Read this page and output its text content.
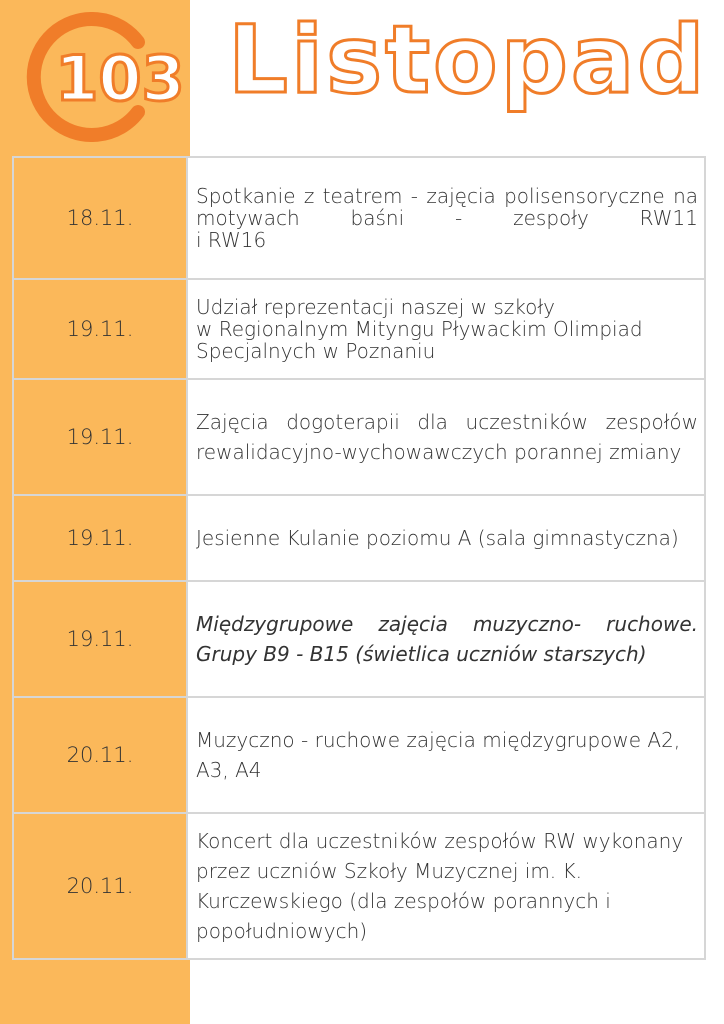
103 Listopad
18.11.	Spotkanie z teatrem - zajęcia polisensoryczne na motywach baśni - zespoły RW11
i RW16

19.11.	Udział reprezentacji naszej w szkoły
w Regionalnym Mityngu Pływackim Olimpiad Specjalnych w Poznaniu

19.11.	Zajęcia dogoterapii dla uczestników zespołów rewalidacyjno-wychowawczych porannej zmiany

19.11.	Jesienne Kulanie poziomu A (sala gimnastyczna)

19.11.	Międzygrupowe zajęcia muzyczno- ruchowe. Grupy B9 - B15 (świetlica uczniów starszych)

20.11.	Muzyczno - ruchowe zajęcia międzygrupowe A2, A3, A4

20.11.	Koncert dla uczestników zespołów RW wykonany przez uczniów Szkoły Muzycznej im. K. Kurczewskiego (dla zespołów porannych i popołudniowych)
